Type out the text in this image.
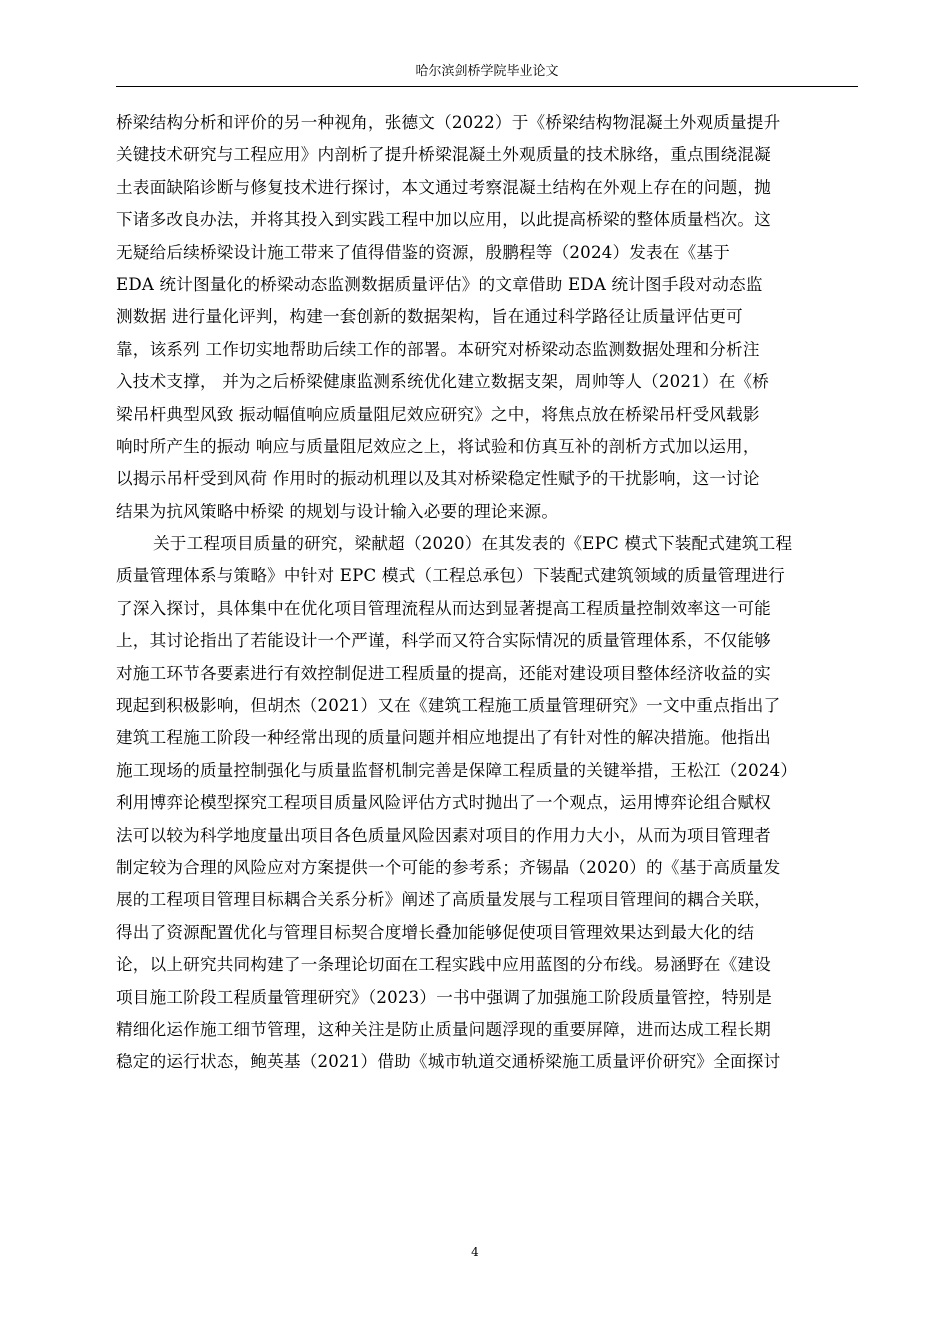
哈尔滨剑桥学院毕业论文
桥梁结构分析和评价的另一种视角，张德文（2022）于《桥梁结构物混凝土外观质量提升
关键技术研究与工程应用》内剖析了提升桥梁混凝土外观质量的技术脉络，重点围绕混凝
土表面缺陷诊断与修复技术进行探讨，本文通过考察混凝土结构在外观上存在的问题，抛
下诸多改良办法，并将其投入到实践工程中加以应用，以此提高桥梁的整体质量档次。这
无疑给后续桥梁设计施工带来了值得借鉴的资源，殷鹏程等（2024）发表在《基于
EDA 统计图量化的桥梁动态监测数据质量评估》的文章借助 EDA 统计图手段对动态监
测数据 进行量化评判，构建一套创新的数据架构，旨在通过科学路径让质量评估更可
靠，该系列 工作切实地帮助后续工作的部署。本研究对桥梁动态监测数据处理和分析注
入技术支撑， 并为之后桥梁健康监测系统优化建立数据支架，周帅等人（2021）在《桥
梁吊杆典型风致 振动幅值响应质量阻尼效应研究》之中，将焦点放在桥梁吊杆受风载影
响时所产生的振动 响应与质量阻尼效应之上，将试验和仿真互补的剖析方式加以运用，
以揭示吊杆受到风荷 作用时的振动机理以及其对桥梁稳定性赋予的干扰影响，这一讨论
结果为抗风策略中桥梁 的规划与设计输入必要的理论来源。
关于工程项目质量的研究，梁献超（2020）在其发表的《EPC 模式下装配式建筑工程
质量管理体系与策略》中针对 EPC 模式（工程总承包）下装配式建筑领域的质量管理进行
了深入探讨，具体集中在优化项目管理流程从而达到显著提高工程质量控制效率这一可能
上，其讨论指出了若能设计一个严谨，科学而又符合实际情况的质量管理体系，不仅能够
对施工环节各要素进行有效控制促进工程质量的提高，还能对建设项目整体经济收益的实
现起到积极影响，但胡杰（2021）又在《建筑工程施工质量管理研究》一文中重点指出了
建筑工程施工阶段一种经常出现的质量问题并相应地提出了有针对性的解决措施。他指出
施工现场的质量控制强化与质量监督机制完善是保障工程质量的关键举措，王松江（2024）
利用博弈论模型探究工程项目质量风险评估方式时抛出了一个观点，运用博弈论组合赋权
法可以较为科学地度量出项目各色质量风险因素对项目的作用力大小，从而为项目管理者
制定较为合理的风险应对方案提供一个可能的参考系；齐锡晶（2020）的《基于高质量发
展的工程项目管理目标耦合关系分析》阐述了高质量发展与工程项目管理间的耦合关联，
得出了资源配置优化与管理目标契合度增长叠加能够促使项目管理效果达到最大化的结
论，以上研究共同构建了一条理论切面在工程实践中应用蓝图的分布线。易涵野在《建设
项目施工阶段工程质量管理研究》（2023）一书中强调了加强施工阶段质量管控，特别是
精细化运作施工细节管理，这种关注是防止质量问题浮现的重要屏障，进而达成工程长期
稳定的运行状态，鲍英基（2021）借助《城市轨道交通桥梁施工质量评价研究》全面探讨
4
